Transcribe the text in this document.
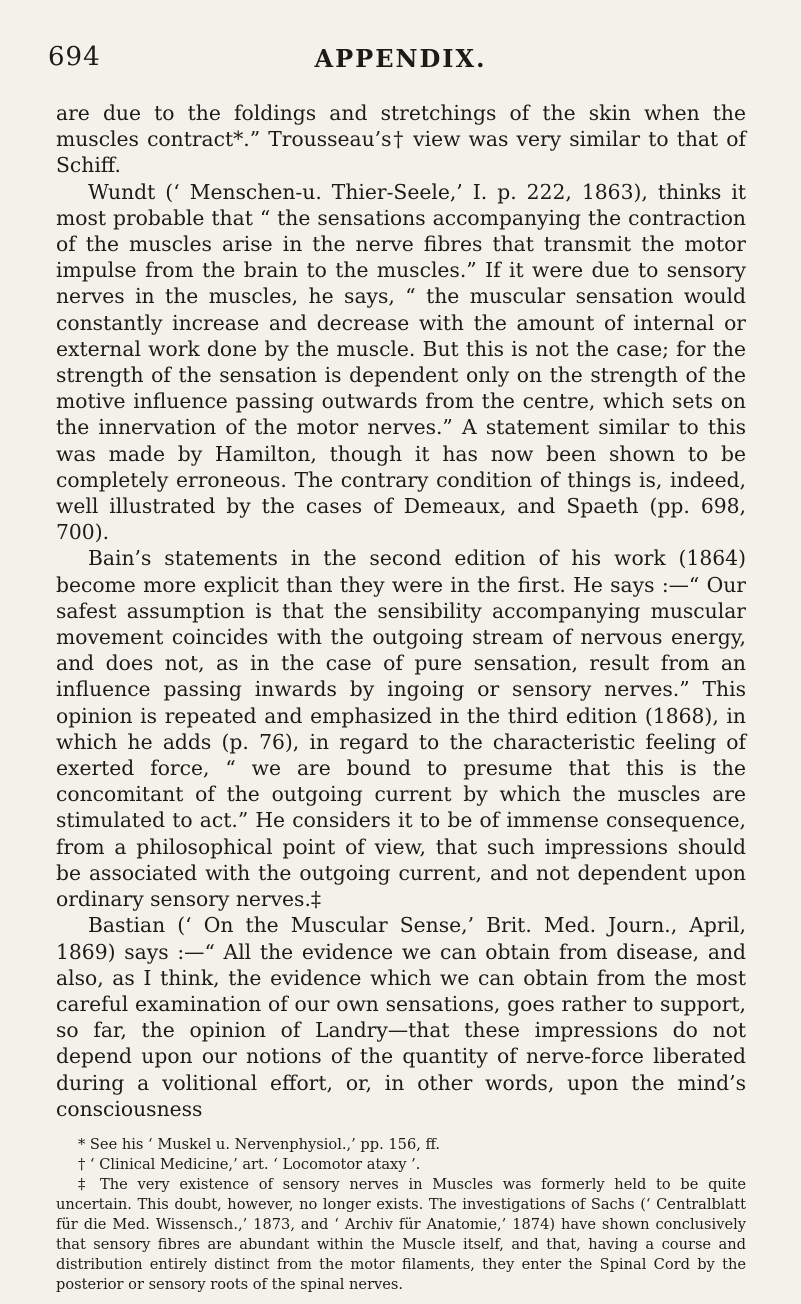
694	APPENDIX.

are due to the foldings and stretchings of the skin when the muscles contract*.” Trousseau’s† view was very similar to that of Schiff.

Wundt (‘ Menschen-u. Thier-Seele,’ I. p. 222, 1863), thinks it most probable that “ the sensations accompanying the contraction of the muscles arise in the nerve fibres that transmit the motor impulse from the brain to the muscles.” If it were due to sensory nerves in the muscles, he says, “ the muscular sensation would constantly increase and decrease with the amount of internal or external work done by the muscle. But this is not the case; for the strength of the sensation is dependent only on the strength of the motive influence passing outwards from the centre, which sets on the innervation of the motor nerves.” A statement similar to this was made by Hamilton, though it has now been shown to be completely erroneous. The contrary condition of things is, indeed, well illustrated by the cases of Demeaux, and Spaeth (pp. 698, 700).

Bain’s statements in the second edition of his work (1864) become more explicit than they were in the first. He says :—“ Our safest assumption is that the sensibility accompanying muscular movement coincides with the outgoing stream of nervous energy, and does not, as in the case of pure sensation, result from an influence passing inwards by ingoing or sensory nerves.” This opinion is repeated and emphasized in the third edition (1868), in which he adds (p. 76), in regard to the characteristic feeling of exerted force, “ we are bound to presume that this is the concomitant of the outgoing current by which the muscles are stimulated to act.” He considers it to be of immense consequence, from a philosophical point of view, that such impressions should be associated with the outgoing current, and not dependent upon ordinary sensory nerves.‡

Bastian (‘ On the Muscular Sense,’ Brit. Med. Journ., April, 1869) says :—“ All the evidence we can obtain from disease, and also, as I think, the evidence which we can obtain from the most careful examination of our own sensations, goes rather to support, so far, the opinion of Landry—that these impressions do not depend upon our notions of the quantity of nerve-force liberated during a volitional effort, or, in other words, upon the mind’s consciousness

* See his ‘ Muskel u. Nervenphysiol.,’ pp. 156, ff.

† ‘ Clinical Medicine,’ art. ‘ Locomotor ataxy ’.

‡ The very existence of sensory nerves in Muscles was formerly held to be quite uncertain. This doubt, however, no longer exists. The investigations of Sachs (‘ Centralblatt für die Med. Wissensch.,’ 1873, and ‘ Archiv für Anatomie,’ 1874) have shown conclusively that sensory fibres are abundant within the Muscle itself, and that, having a course and distribution entirely distinct from the motor filaments, they enter the Spinal Cord by the posterior or sensory roots of the spinal nerves.
